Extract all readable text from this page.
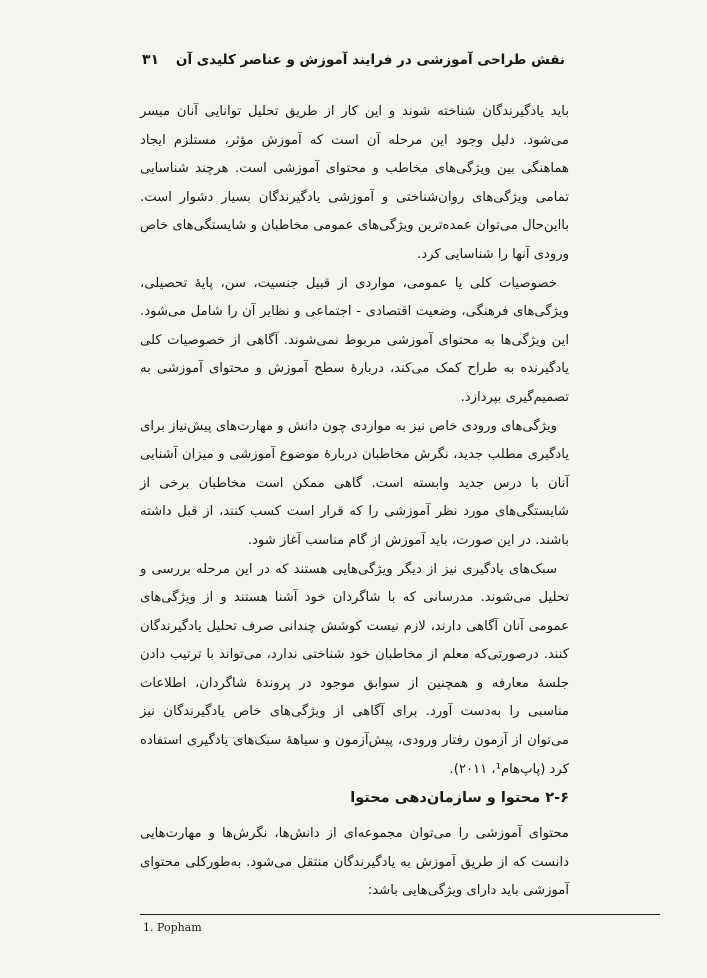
نقش طراحی آموزشی در فرایند آموزش و عناصر کلیدی آن
۳۱

باید یادگیرندگان شناخته شوند و این کار از طریق تحلیل توانایی آنان میسر می‌شود. دلیل وجود این مرحله آن است که آموزش مؤثر، مستلزم ایجاد هماهنگی بین ویژگی‌های مخاطب و محتوای آموزشی است. هرچند شناسایی تمامی ویژگی‌های روان‌شناختی و آموزشی یادگیرندگان بسیار دشوار است. بااین‌حال می‌توان عمده‌ترین ویژگی‌های عمومی مخاطبان و شایستگی‌های خاص ورودی آنها را شناسایی کرد.

خصوصیات کلی یا عمومی، مواردی از قبیل جنسیت، سن، پایهٔ تحصیلی، ویژگی‌های فرهنگی، وضعیت اقتصادی - اجتماعی و نظایر آن را شامل می‌شود. این ویژگی‌ها به محتوای آموزشی مربوط نمی‌شوند. آگاهی از خصوصیات کلی یادگیرنده به طراح کمک می‌کند، دربارهٔ سطح آموزش و محتوای آموزشی به تصمیم‌گیری بپردازد.

ویژگی‌های ورودی خاص نیز به مواردی چون دانش و مهارت‌های پیش‌نیاز برای یادگیری مطلب جدید، نگرش مخاطبان دربارهٔ موضوع آموزشی و میزان آشنایی آنان با درس جدید وابسته است. گاهی ممکن است مخاطبان برخی از شایستگی‌های مورد نظر آموزشی را که قرار است کسب کنند، از قبل داشته باشند. در این صورت، باید آموزش از گام مناسب آغاز شود.

سبک‌های یادگیری نیز از دیگر ویژگی‌هایی هستند که در این مرحله بررسی و تحلیل می‌شوند. مدرسانی که با شاگردان خود آشنا هستند و از ویژگی‌های عمومی آنان آگاهی دارند، لازم نیست کوشش چندانی صرف تحلیل یادگیرندگان کنند. درصورتی‌که معلم از مخاطبان خود شناختی ندارد، می‌تواند با ترتیب دادن جلسهٔ معارفه و همچنین از سوابق موجود در پروندهٔ شاگردان، اطلاعات مناسبی را به‌دست آورد. برای آگاهی از ویژگی‌های خاص یادگیرندگان نیز می‌توان از آزمون رفتار ورودی، پیش‌آزمون و سیاههٔ سبک‌های یادگیری استفاده کرد (پاپ‌هام¹، ۲۰۱۱).

۲-۶ محتوا و سازمان‌دهی محتوا

محتوای آموزشی را می‌توان مجموعه‌ای از دانش‌ها، نگرش‌ها و مهارت‌هایی دانست که از طریق آموزش به یادگیرندگان منتقل می‌شود. به‌طورکلی محتوای آموزشی باید دارای ویژگی‌هایی باشد:

1. Popham
